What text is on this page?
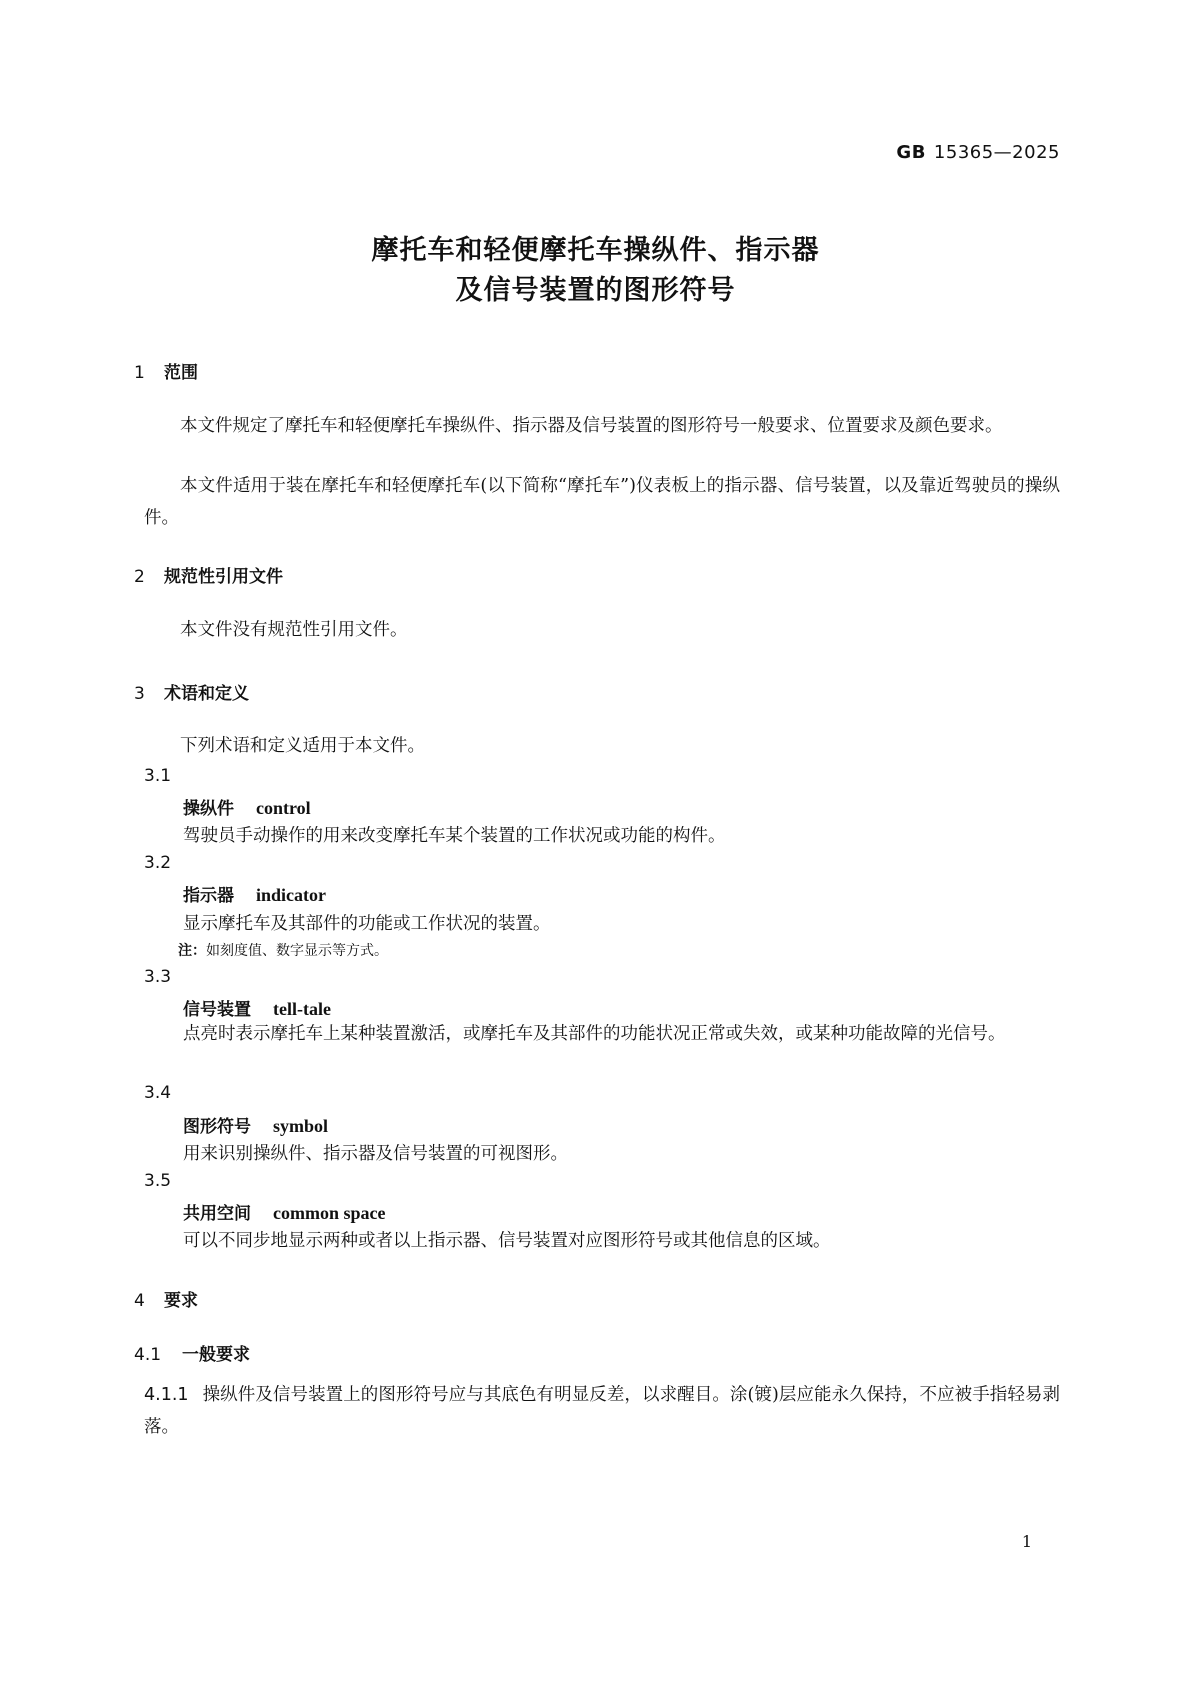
GB 15365—2025
摩托车和轻便摩托车操纵件、指示器
及信号装置的图形符号
1 范围
本文件规定了摩托车和轻便摩托车操纵件、指示器及信号装置的图形符号一般要求、位置要求及颜色要求。
本文件适用于装在摩托车和轻便摩托车(以下简称“摩托车”)仪表板上的指示器、信号装置，以及靠近驾驶员的操纵件。
2 规范性引用文件
本文件没有规范性引用文件。
3 术语和定义
下列术语和定义适用于本文件。
3.1
操纵件 control
驾驶员手动操作的用来改变摩托车某个装置的工作状况或功能的构件。
3.2
指示器 indicator
显示摩托车及其部件的功能或工作状况的装置。
注：如刻度值、数字显示等方式。
3.3
信号装置 tell-tale
点亮时表示摩托车上某种装置激活，或摩托车及其部件的功能状况正常或失效，或某种功能故障的光信号。
3.4
图形符号 symbol
用来识别操纵件、指示器及信号装置的可视图形。
3.5
共用空间 common space
可以不同步地显示两种或者以上指示器、信号装置对应图形符号或其他信息的区域。
4 要求
4.1 一般要求
4.1.1 操纵件及信号装置上的图形符号应与其底色有明显反差，以求醒目。涂(镀)层应能永久保持，不应被手指轻易剥落。
1
